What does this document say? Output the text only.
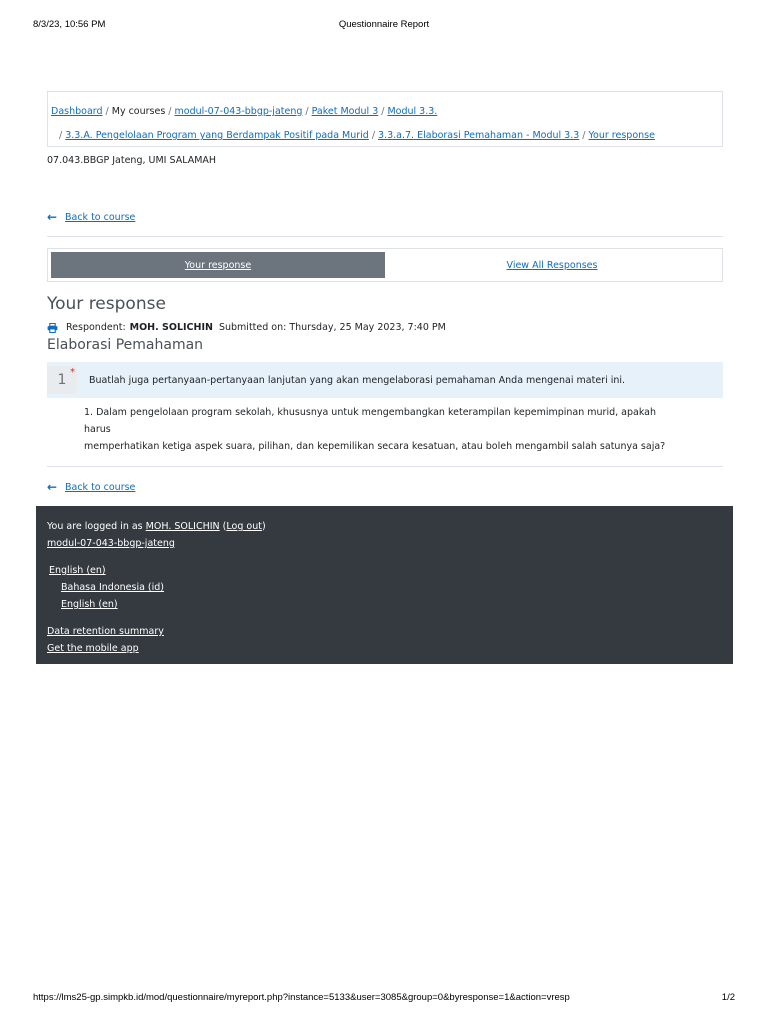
8/3/23, 10:56 PM	Questionnaire Report
Dashboard / My courses / modul-07-043-bbgp-jateng / Paket Modul 3 / Modul 3.3.
/ 3.3.A. Pengelolaan Program yang Berdampak Positif pada Murid / 3.3.a.7. Elaborasi Pemahaman - Modul 3.3 / Your response
07.043.BBGP Jateng, UMI SALAMAH
← Back to course
Your response	View All Responses
Your response
Respondent: MOH. SOLICHIN Submitted on: Thursday, 25 May 2023, 7:40 PM
Elaborasi Pemahaman
1 *
Buatlah juga pertanyaan-pertanyaan lanjutan yang akan mengelaborasi pemahaman Anda mengenai materi ini.
1. Dalam pengelolaan program sekolah, khususnya untuk mengembangkan keterampilan kepemimpinan murid, apakah harus
memperhatikan ketiga aspek suara, pilihan, dan kepemilikan secara kesatuan, atau boleh mengambil salah satunya saja?
← Back to course
You are logged in as MOH. SOLICHIN (Log out)
modul-07-043-bbgp-jateng
English (en)
Bahasa Indonesia (id)
English (en)
Data retention summary
Get the mobile app
https://lms25-gp.simpkb.id/mod/questionnaire/myreport.php?instance=5133&user=3085&group=0&byresponse=1&action=vresp	1/2
